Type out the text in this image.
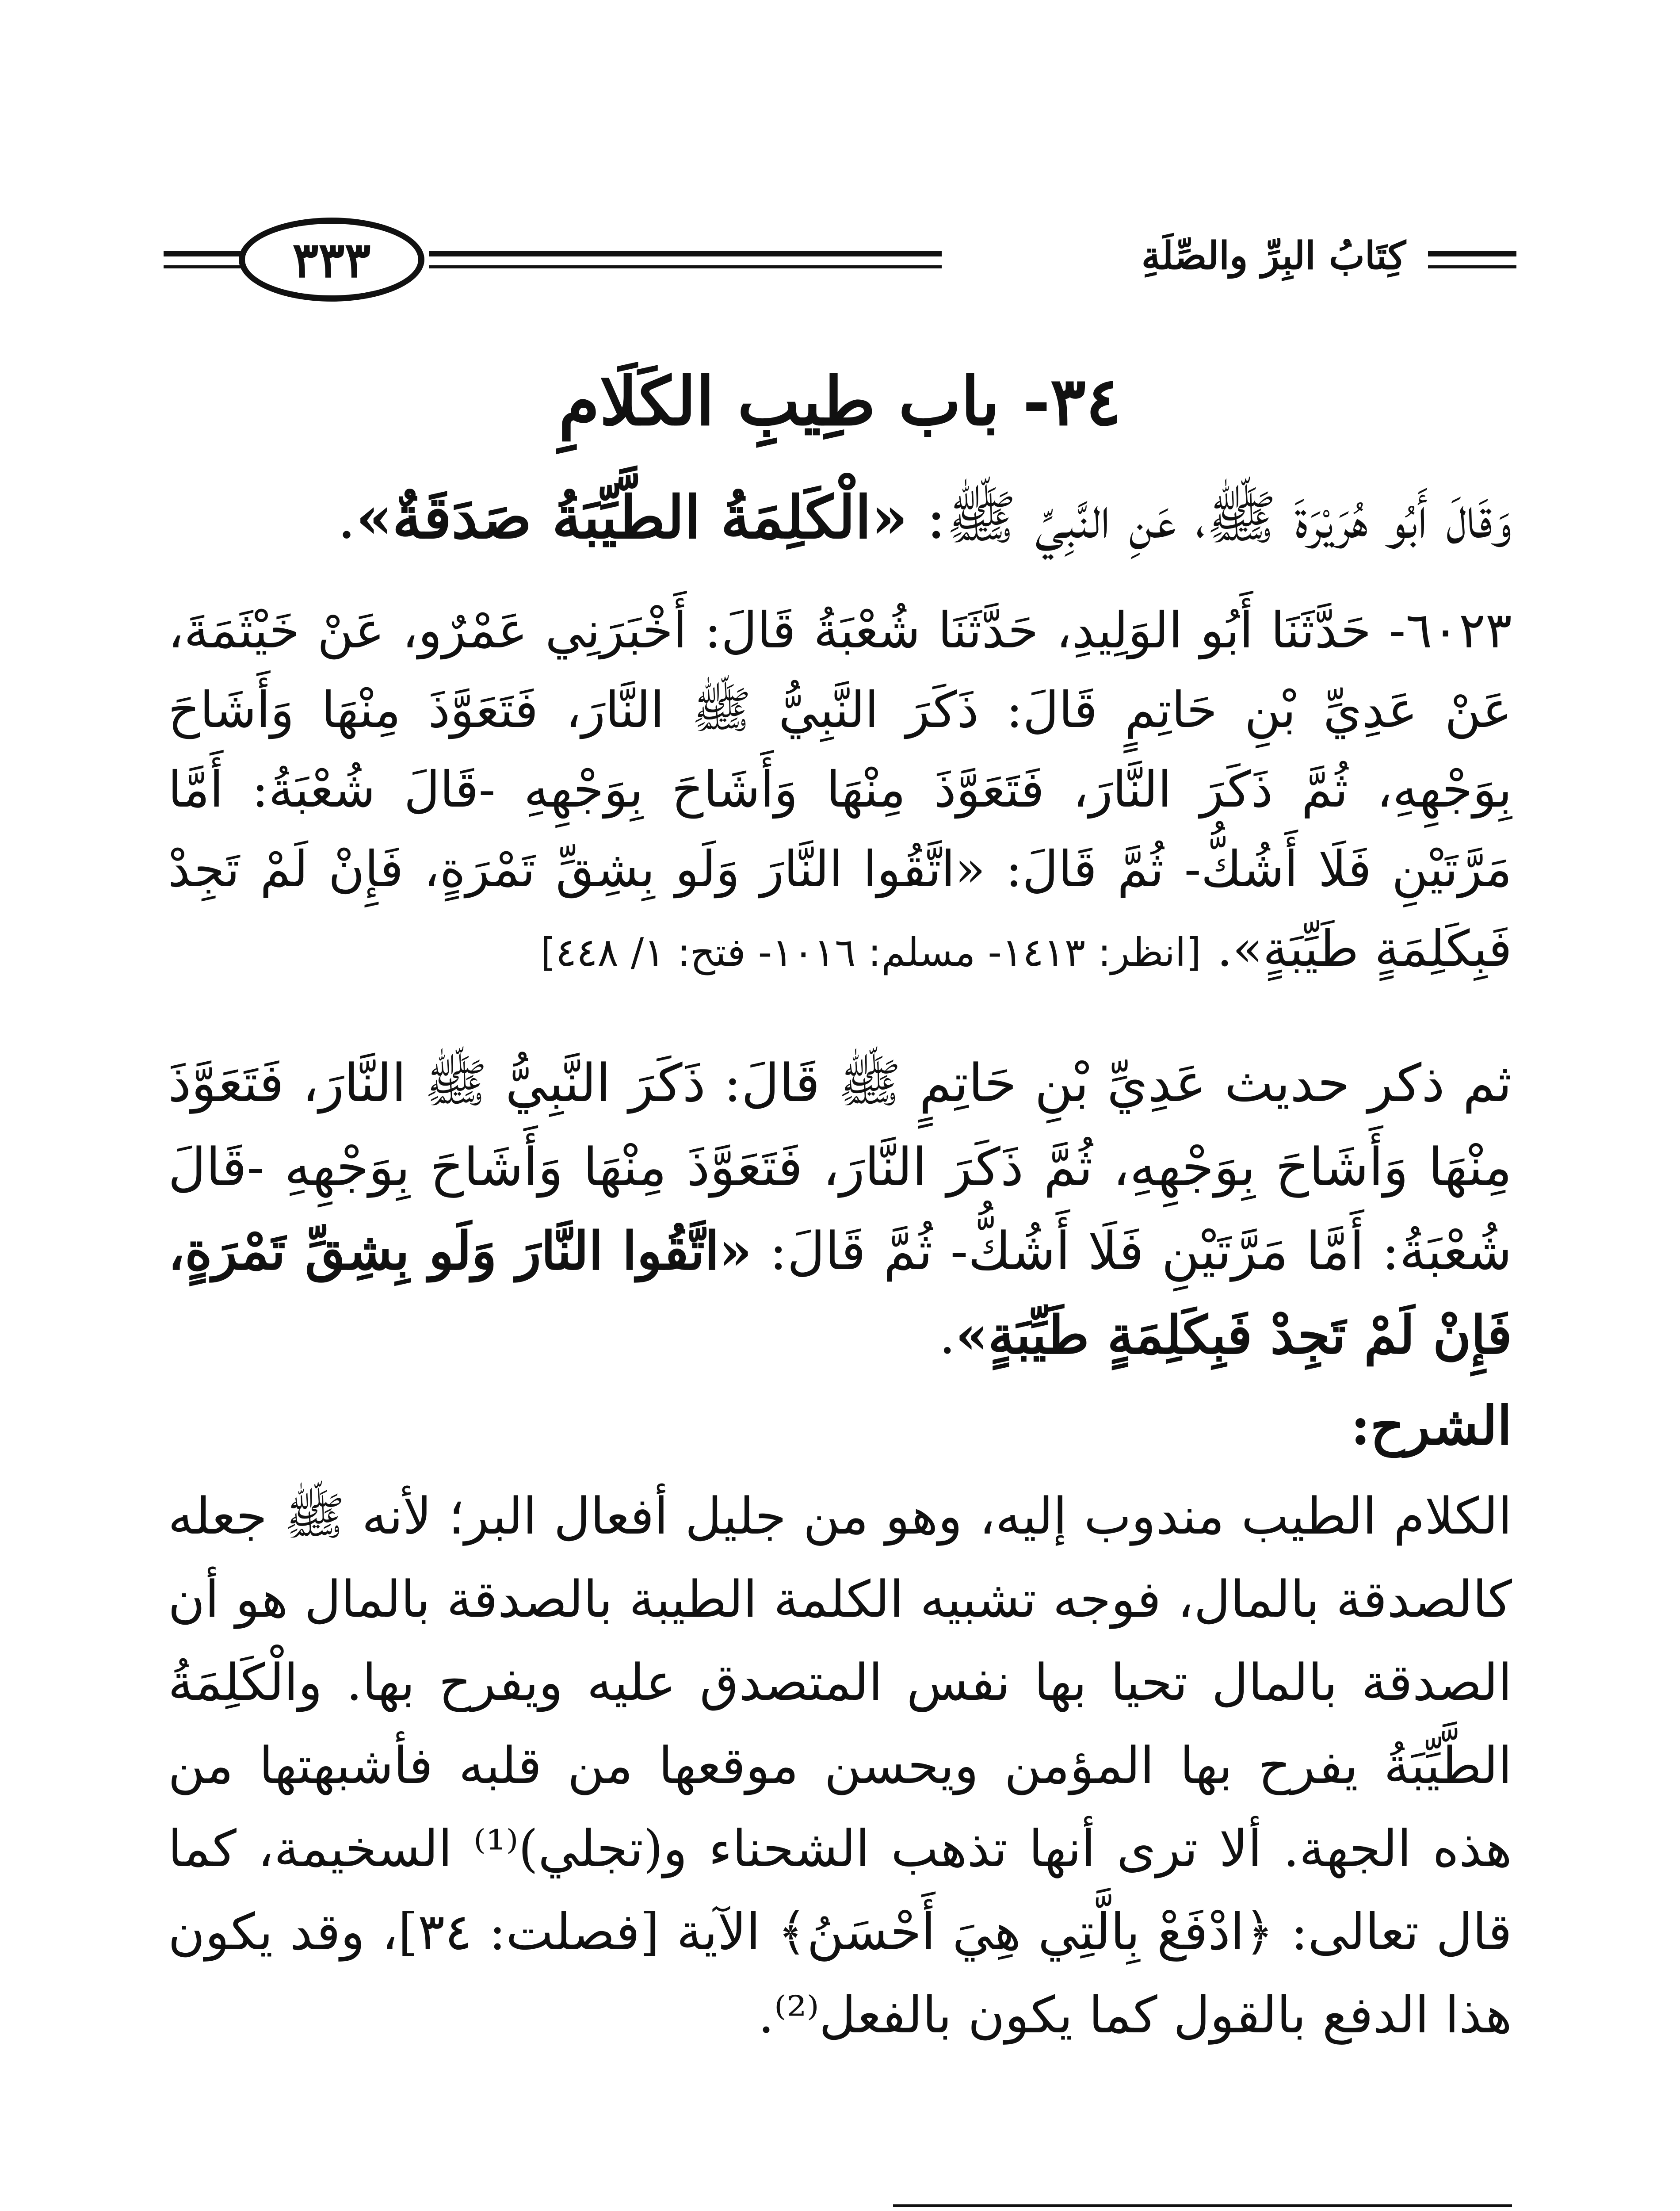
كِتَابُ البِرِّ والصِّلَةِ
٣٣٣
٣٤- باب طِيبِ الكَلَامِ

وَقَالَ أَبُو هُرَيْرَةَ ﷺ، عَنِ النَّبِيِّ ﷺ: «الْكَلِمَةُ الطَّيِّبَةُ صَدَقَةٌ».

٦٠٢٣- حَدَّثَنَا أَبُو الوَلِيدِ، حَدَّثَنَا شُعْبَةُ قَالَ: أَخْبَرَنِي عَمْرٌو، عَنْ خَيْثَمَةَ، عَنْ عَدِيِّ بْنِ حَاتِمٍ قَالَ: ذَكَرَ النَّبِيُّ ﷺ النَّارَ، فَتَعَوَّذَ مِنْهَا وَأَشَاحَ بِوَجْهِهِ، ثُمَّ ذَكَرَ النَّارَ، فَتَعَوَّذَ مِنْهَا وَأَشَاحَ بِوَجْهِهِ -قَالَ شُعْبَةُ: أَمَّا مَرَّتَيْنِ فَلَا أَشُكُّ- ثُمَّ قَالَ: «اتَّقُوا النَّارَ وَلَو بِشِقِّ تَمْرَةٍ، فَإِنْ لَمْ تَجِدْ فَبِكَلِمَةٍ طَيِّبَةٍ». [انظر: ١٤١٣- مسلم: ١٠١٦- فتح: ١/ ٤٤٨]

ثم ذكر حديث عَدِيِّ بْنِ حَاتِمٍ ﷺ قَالَ: ذَكَرَ النَّبِيُّ ﷺ النَّارَ، فَتَعَوَّذَ مِنْهَا وَأَشَاحَ بِوَجْهِهِ، ثُمَّ ذَكَرَ النَّارَ، فَتَعَوَّذَ مِنْهَا وَأَشَاحَ بِوَجْهِهِ -قَالَ شُعْبَةُ: أَمَّا مَرَّتَيْنِ فَلَا أَشُكُّ- ثُمَّ قَالَ: «اتَّقُوا النَّارَ وَلَو بِشِقِّ تَمْرَةٍ، فَإِنْ لَمْ تَجِدْ فَبِكَلِمَةٍ طَيِّبَةٍ».

الشرح:

الكلام الطيب مندوب إليه، وهو من جليل أفعال البر؛ لأنه ﷺ جعله كالصدقة بالمال، فوجه تشبيه الكلمة الطيبة بالصدقة بالمال هو أن الصدقة بالمال تحيا بها نفس المتصدق عليه ويفرح بها. والْكَلِمَةُ الطَّيِّبَةُ يفرح بها المؤمن ويحسن موقعها من قلبه فأشبهتها من هذه الجهة. ألا ترى أنها تذهب الشحناء و(تجلي)⁽¹⁾ السخيمة، كما قال تعالى: ﴿ادْفَعْ بِالَّتِي هِيَ أَحْسَنُ﴾ الآية [فصلت: ٣٤]، وقد يكون هذا الدفع بالقول كما يكون بالفعل⁽²⁾.
